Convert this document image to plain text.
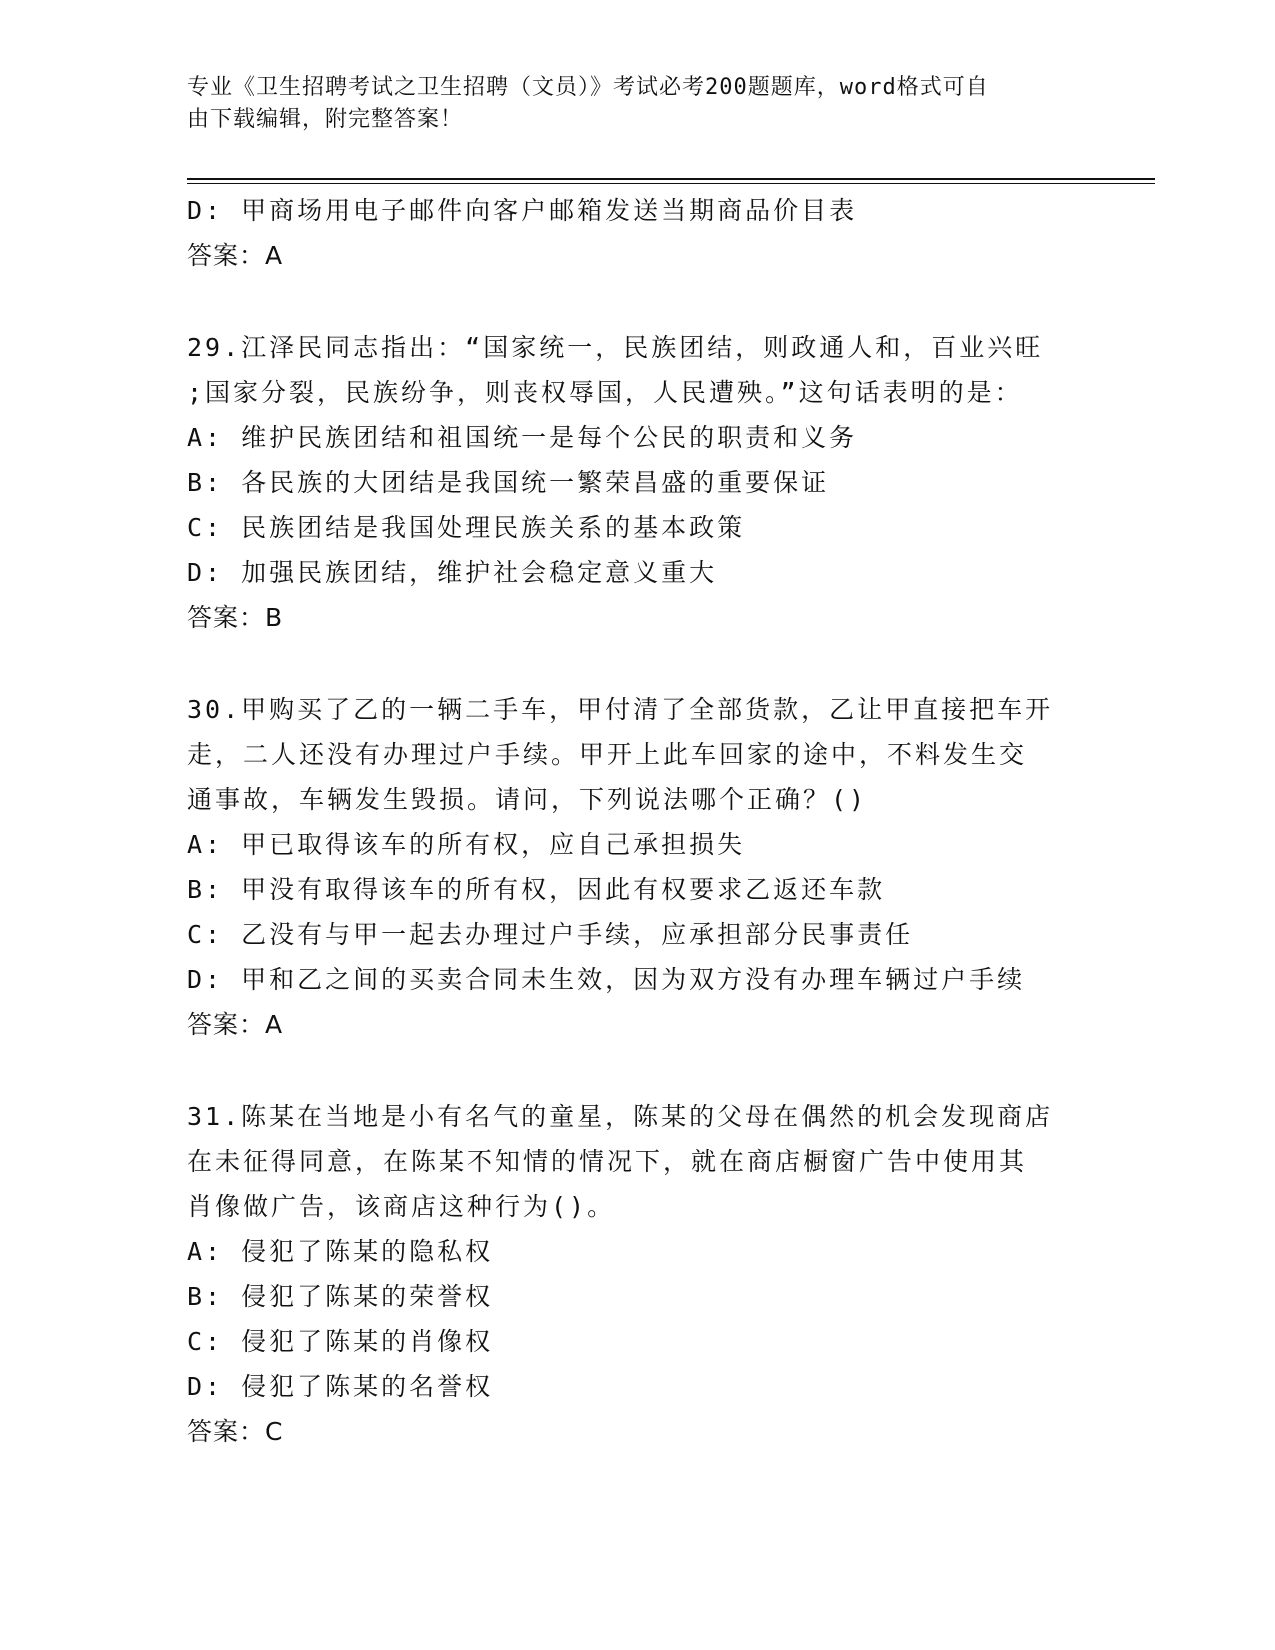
专业《卫生招聘考试之卫生招聘（文员）》考试必考200题题库，word格式可自
由下载编辑，附完整答案！
D: 甲商场用电子邮件向客户邮箱发送当期商品价目表
答案：A
29.江泽民同志指出：“国家统一，民族团结，则政通人和，百业兴旺
;国家分裂，民族纷争，则丧权辱国，人民遭殃。”这句话表明的是：
A: 维护民族团结和祖国统一是每个公民的职责和义务
B: 各民族的大团结是我国统一繁荣昌盛的重要保证
C: 民族团结是我国处理民族关系的基本政策
D: 加强民族团结，维护社会稳定意义重大
答案：B
30.甲购买了乙的一辆二手车，甲付清了全部货款，乙让甲直接把车开
走，二人还没有办理过户手续。甲开上此车回家的途中，不料发生交
通事故，车辆发生毁损。请问，下列说法哪个正确？()
A: 甲已取得该车的所有权，应自己承担损失
B: 甲没有取得该车的所有权，因此有权要求乙返还车款
C: 乙没有与甲一起去办理过户手续，应承担部分民事责任
D: 甲和乙之间的买卖合同未生效，因为双方没有办理车辆过户手续
答案：A
31.陈某在当地是小有名气的童星，陈某的父母在偶然的机会发现商店
在未征得同意，在陈某不知情的情况下，就在商店橱窗广告中使用其
肖像做广告，该商店这种行为()。
A: 侵犯了陈某的隐私权
B: 侵犯了陈某的荣誉权
C: 侵犯了陈某的肖像权
D: 侵犯了陈某的名誉权
答案：C
